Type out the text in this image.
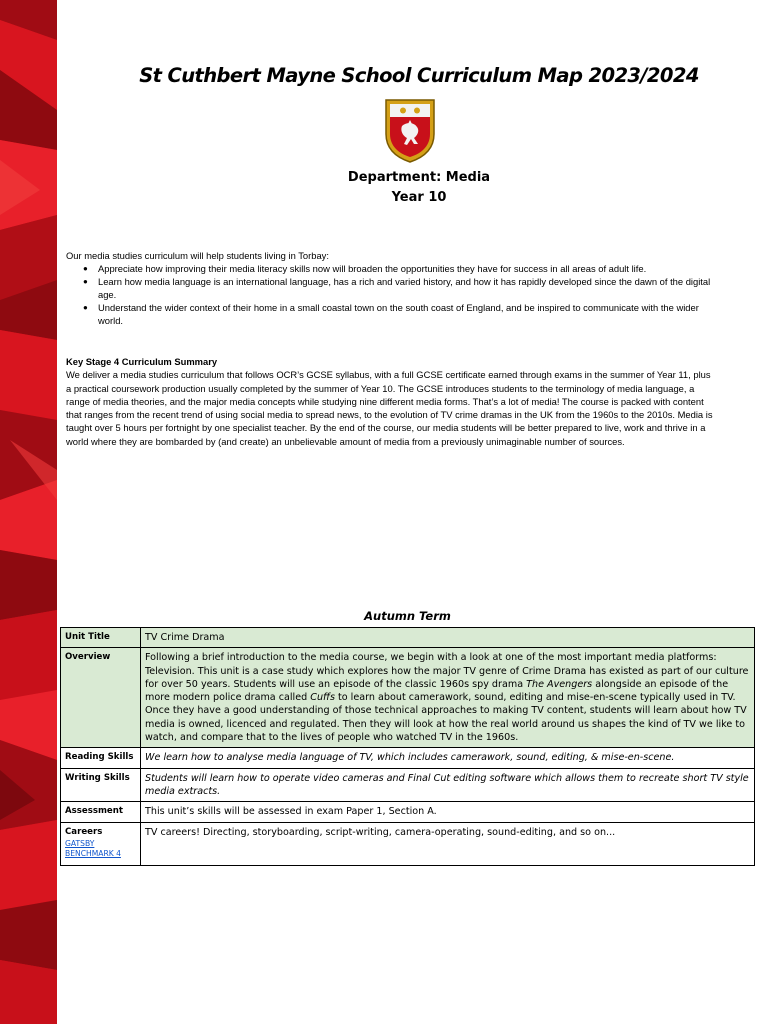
St Cuthbert Mayne School Curriculum Map 2023/2024
Department: Media
Year 10

Our media studies curriculum will help students living in Torbay:

● Appreciate how improving their media literacy skills now will broaden the opportunities they have for success in all areas of adult life.
● Learn how media language is an international language, has a rich and varied history, and how it has rapidly developed since the dawn of the digital age.
● Understand the wider context of their home in a small coastal town on the south coast of England, and be inspired to communicate with the wider world.
Key Stage 4 Curriculum Summary

We deliver a media studies curriculum that follows OCR’s GCSE syllabus, with a full GCSE certificate earned through exams in the summer of Year 11, plus a practical coursework production usually completed by the summer of Year 10. The GCSE introduces students to the terminology of media language, a range of media theories, and the major media concepts while studying nine different media forms. That’s a lot of media! The course is packed with content that ranges from the recent trend of using social media to spread news, to the evolution of TV crime dramas in the UK from the 1960s to the 2010s. Media is taught over 5 hours per fortnight by one specialist teacher. By the end of the course, our media students will be better prepared to live, work and thrive in a world where they are bombarded by (and create) an unbelievable amount of media from a previously unimaginable number of sources.

Autumn Term
Unit Title	TV Crime Drama
Overview	Following a brief introduction to the media course, we begin with a look at one of the most important media platforms: Television. This unit is a case study which explores how the major TV genre of Crime Drama has existed as part of our culture for over 50 years. Students will use an episode of the classic 1960s spy drama The Avengers alongside an episode of the more modern police drama called Cuffs to learn about camerawork, sound, editing and mise-en-scene typically used in TV. Once they have a good understanding of those technical approaches to making TV content, students will learn about how TV media is owned, licenced and regulated. Then they will look at how the real world around us shapes the kind of TV we like to watch, and compare that to the lives of people who watched TV in the 1960s.
Reading Skills	We learn how to analyse media language of TV, which includes camerawork, sound, editing, & mise-en-scene.
Writing Skills	Students will learn how to operate video cameras and Final Cut editing software which allows them to recreate short TV style media extracts.
Assessment	This unit’s skills will be assessed in exam Paper 1, Section A.
Careers
GATSBY BENCHMARK 4	TV careers! Directing, storyboarding, script-writing, camera-operating, sound-editing, and so on...
